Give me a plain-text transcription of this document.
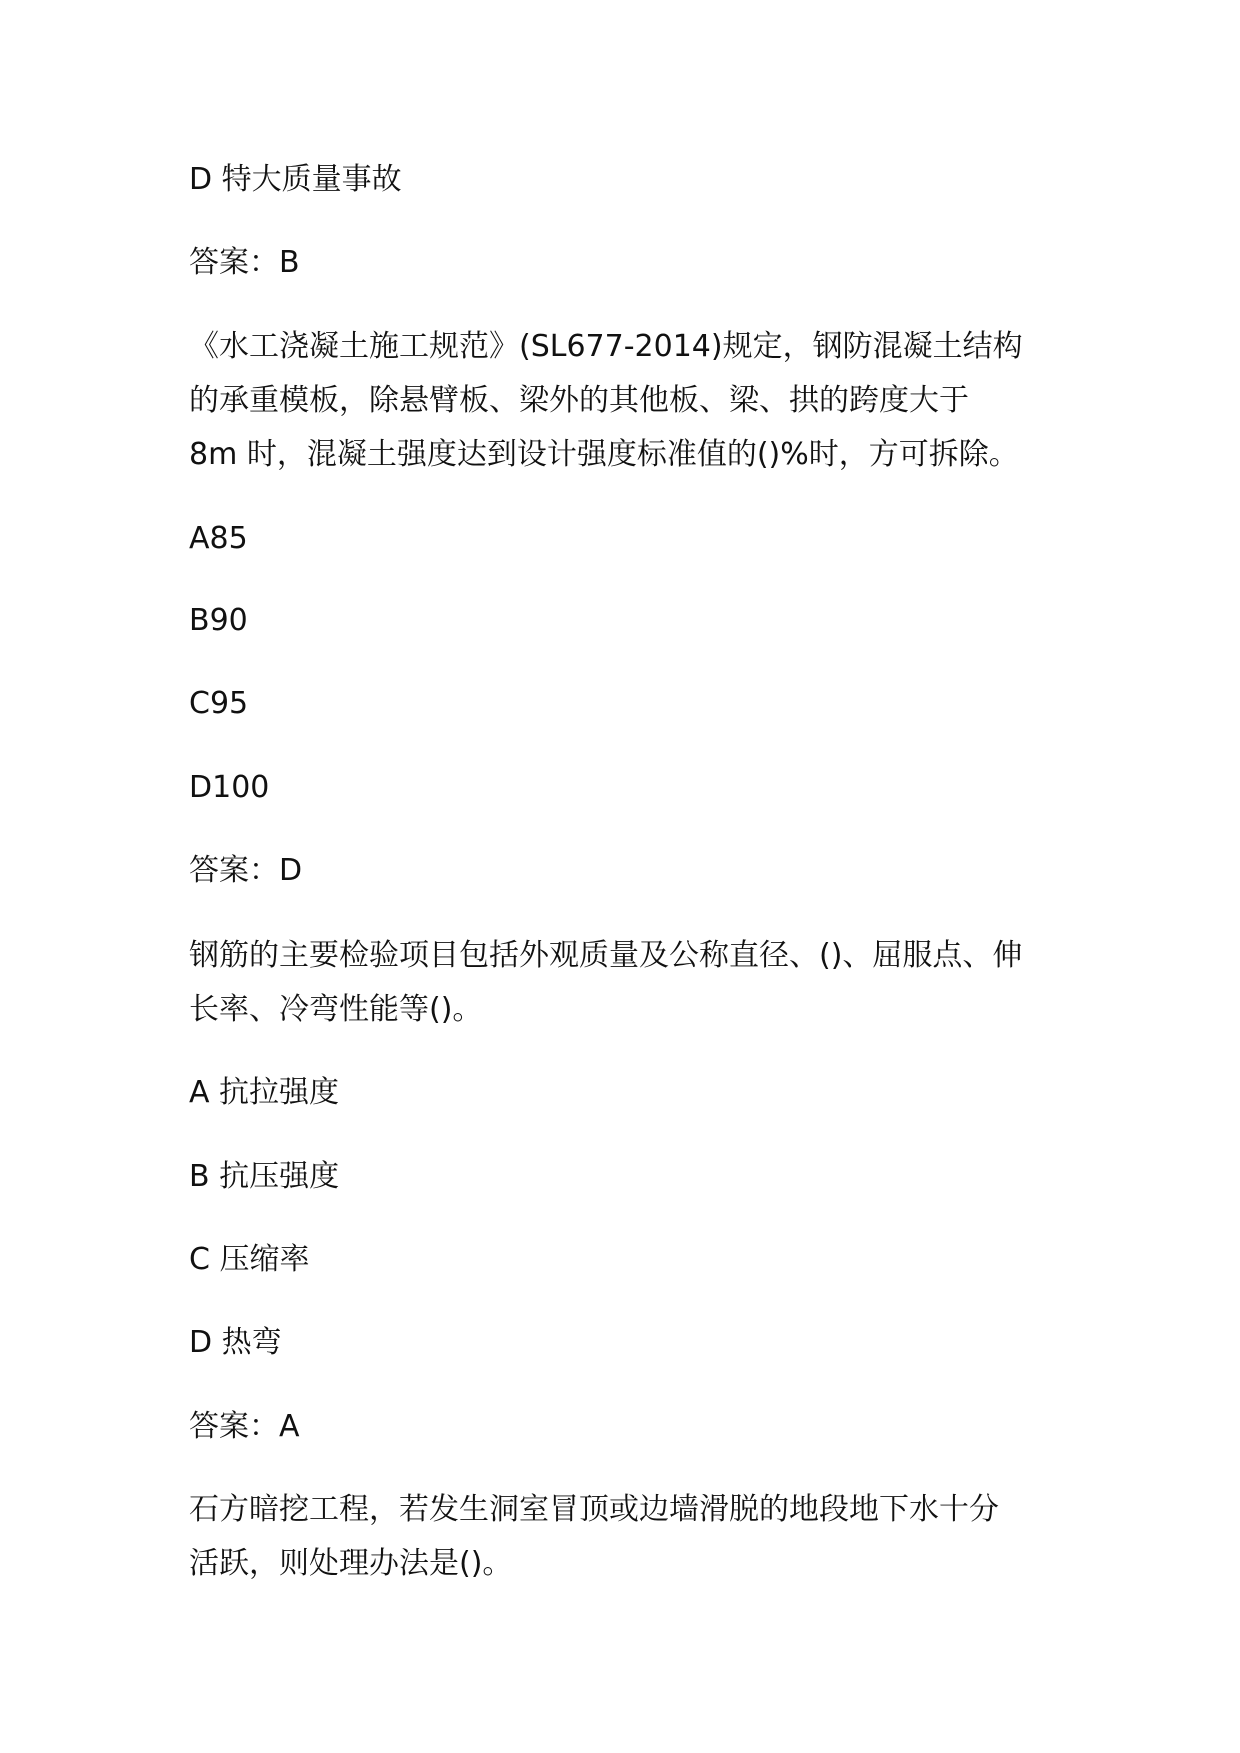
D 特大质量事故
答案：B
《水工浇凝土施工规范》(SL677-2014)规定，钢防混凝土结构
的承重模板，除悬臂板、梁外的其他板、梁、拱的跨度大于
8m 时，混凝土强度达到设计强度标准值的()%时，方可拆除。
A85
B90
C95
D100
答案：D
钢筋的主要检验项目包括外观质量及公称直径、()、屈服点、伸
长率、冷弯性能等()。
A 抗拉强度
B 抗压强度
C 压缩率
D 热弯
答案：A
石方暗挖工程，若发生洞室冒顶或边墙滑脱的地段地下水十分
活跃，则处理办法是()。
